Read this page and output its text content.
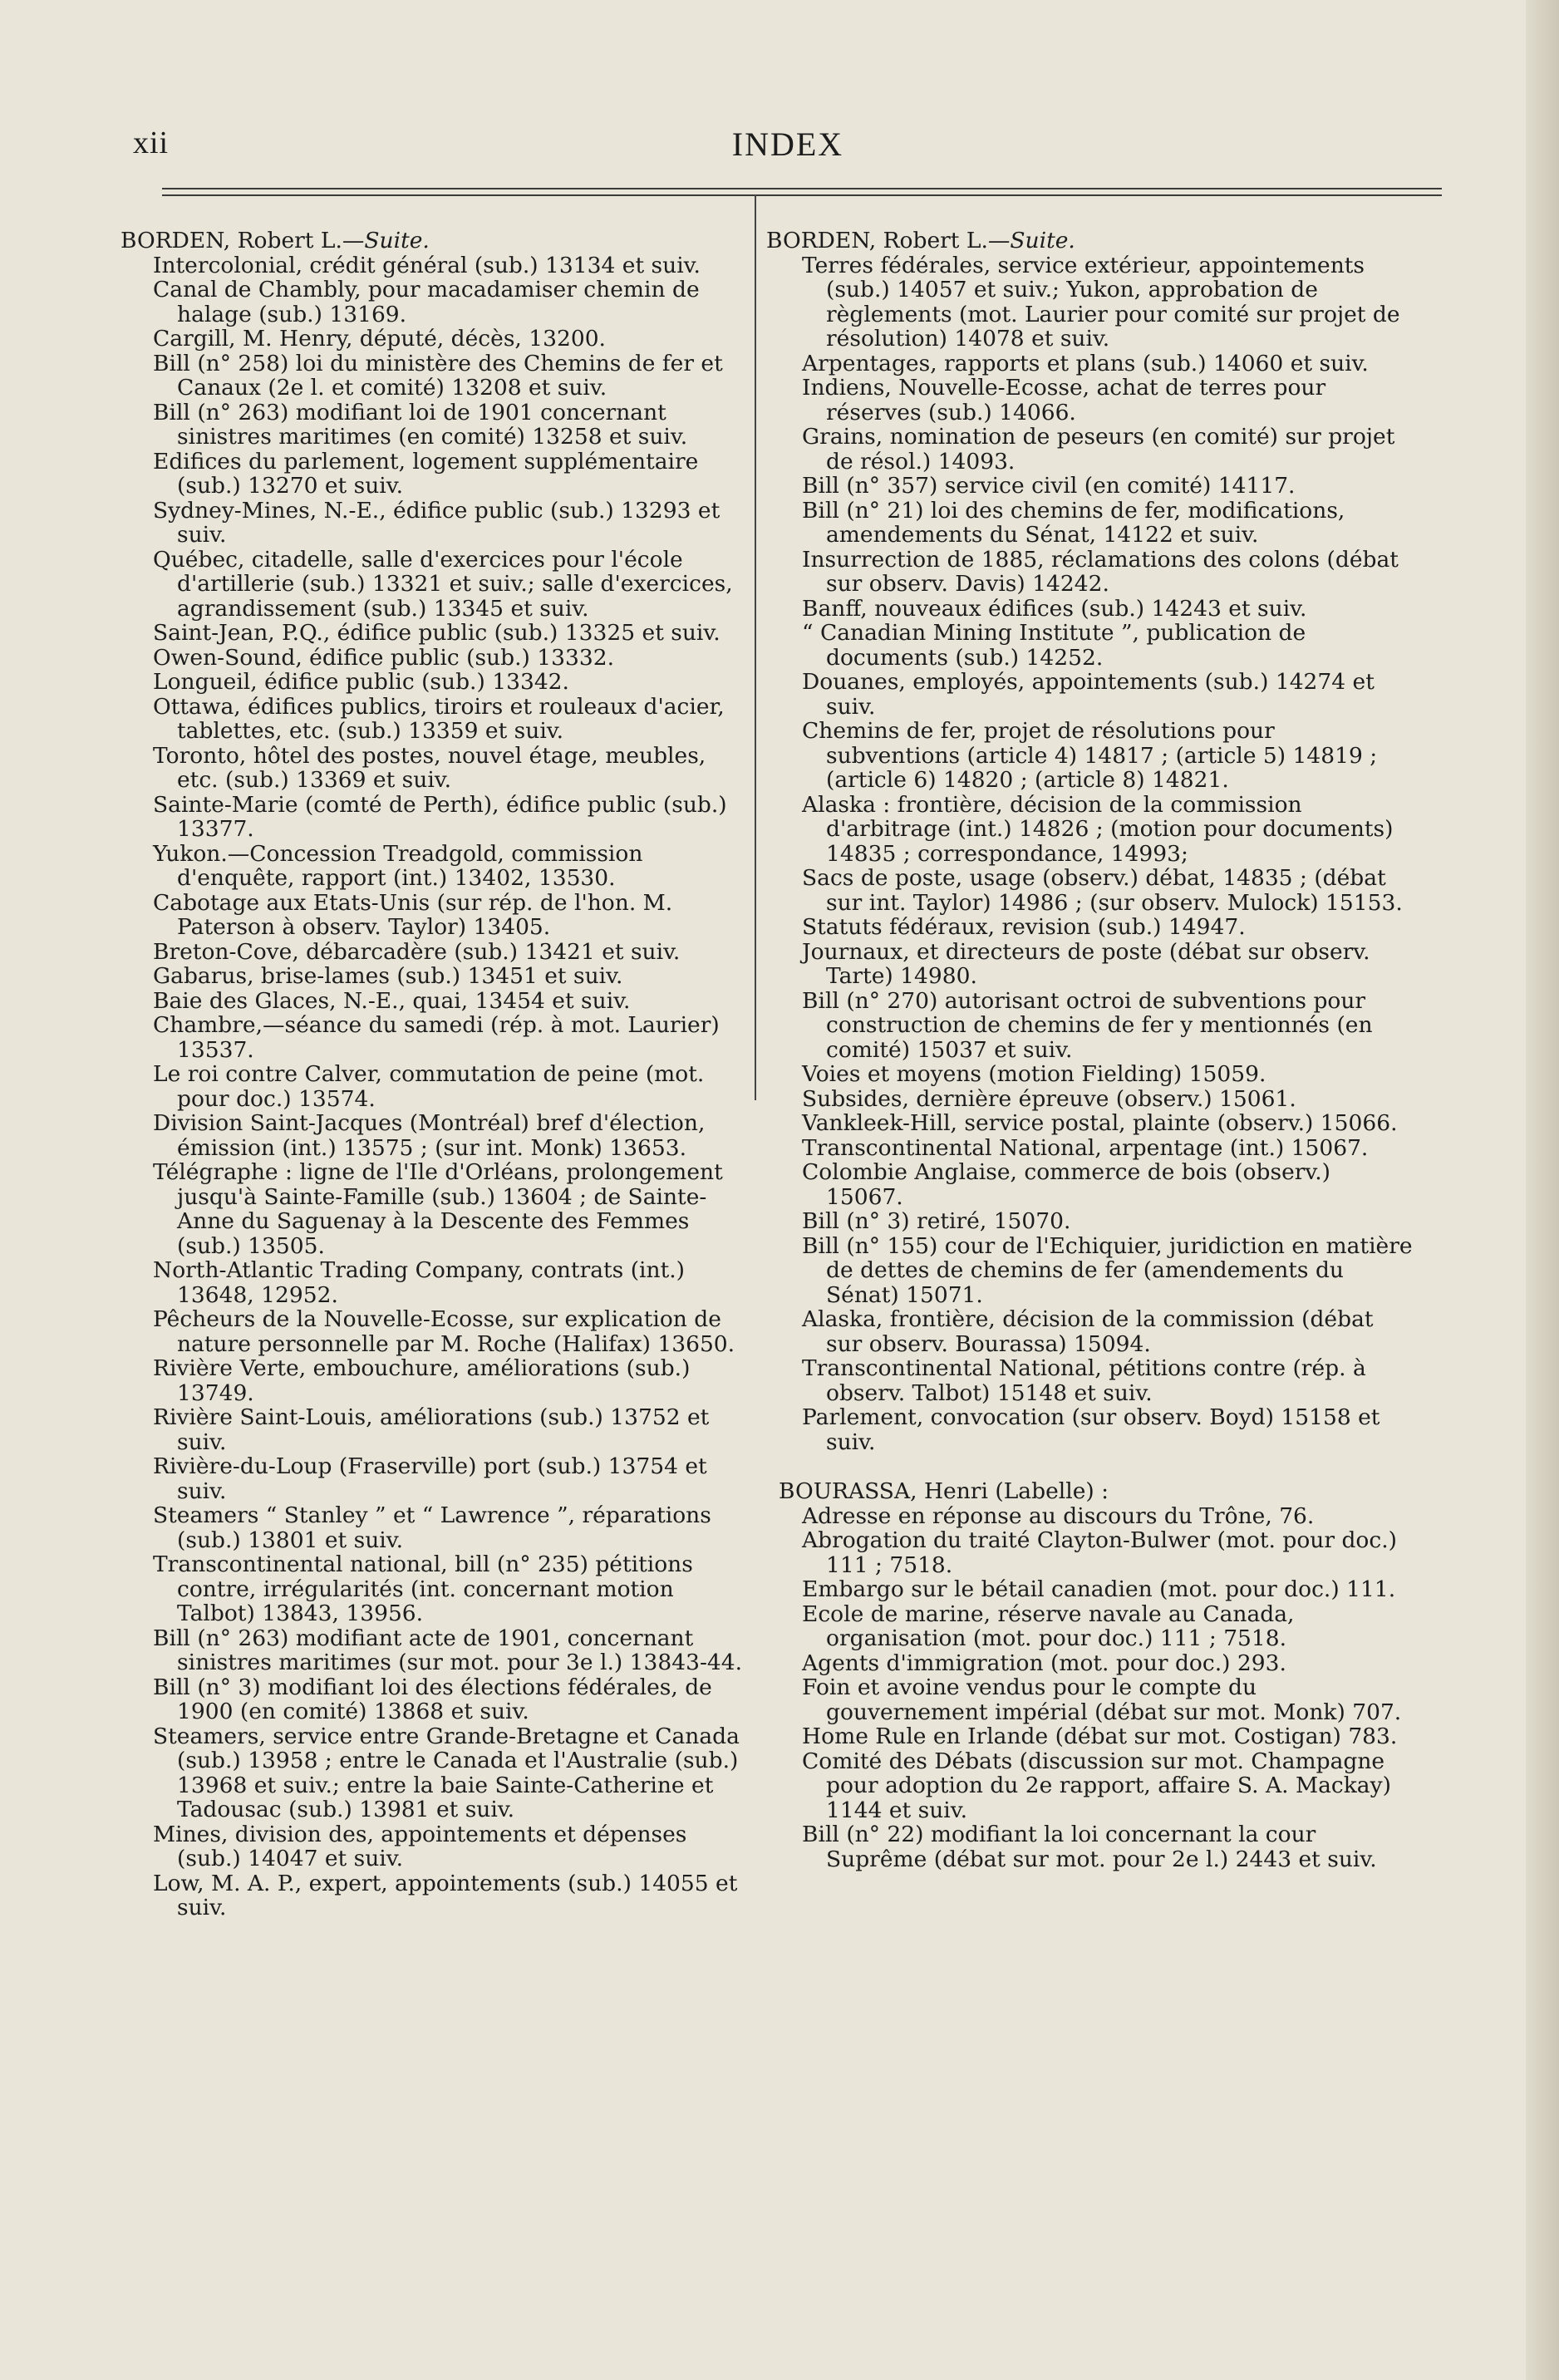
xii	INDEX
BORDEN, Robert L.—Suite.

Intercolonial, crédit général (sub.) 13134 et suiv.

Canal de Chambly, pour macadamiser chemin de halage (sub.) 13169.

Cargill, M. Henry, député, décès, 13200.

Bill (n° 258) loi du ministère des Chemins de fer et Canaux (2e l. et comité) 13208 et suiv.

Bill (n° 263) modifiant loi de 1901 concernant sinistres maritimes (en comité) 13258 et suiv.

Edifices du parlement, logement supplémentaire (sub.) 13270 et suiv.

Sydney-Mines, N.-E., édifice public (sub.) 13293 et suiv.

Québec, citadelle, salle d'exercices pour l'école d'artillerie (sub.) 13321 et suiv.; salle d'exercices, agrandissement (sub.) 13345 et suiv.

Saint-Jean, P.Q., édifice public (sub.) 13325 et suiv.

Owen-Sound, édifice public (sub.) 13332.

Longueil, édifice public (sub.) 13342.

Ottawa, édifices publics, tiroirs et rouleaux d'acier, tablettes, etc. (sub.) 13359 et suiv.

Toronto, hôtel des postes, nouvel étage, meubles, etc. (sub.) 13369 et suiv.

Sainte-Marie (comté de Perth), édifice public (sub.) 13377.

Yukon.—Concession Treadgold, commission d'enquête, rapport (int.) 13402, 13530.

Cabotage aux Etats-Unis (sur rép. de l'hon. M. Paterson à observ. Taylor) 13405.

Breton-Cove, débarcadère (sub.) 13421 et suiv.

Gabarus, brise-lames (sub.) 13451 et suiv.

Baie des Glaces, N.-E., quai, 13454 et suiv.

Chambre,—séance du samedi (rép. à mot. Laurier) 13537.

Le roi contre Calver, commutation de peine (mot. pour doc.) 13574.

Division Saint-Jacques (Montréal) bref d'élection, émission (int.) 13575 ; (sur int. Monk) 13653.

Télégraphe : ligne de l'Ile d'Orléans, prolongement jusqu'à Sainte-Famille (sub.) 13604 ; de Sainte-Anne du Saguenay à la Descente des Femmes (sub.) 13505.

North-Atlantic Trading Company, contrats (int.) 13648, 12952.

Pêcheurs de la Nouvelle-Ecosse, sur explication de nature personnelle par M. Roche (Halifax) 13650.

Rivière Verte, embouchure, améliorations (sub.) 13749.

Rivière Saint-Louis, améliorations (sub.) 13752 et suiv.

Rivière-du-Loup (Fraserville) port (sub.) 13754 et suiv.

Steamers “ Stanley ” et “ Lawrence ”, réparations (sub.) 13801 et suiv.

Transcontinental national, bill (n° 235) pétitions contre, irrégularités (int. concernant motion Talbot) 13843, 13956.

Bill (n° 263) modifiant acte de 1901, concernant sinistres maritimes (sur mot. pour 3e l.) 13843-44.

Bill (n° 3) modifiant loi des élections fédérales, de 1900 (en comité) 13868 et suiv.

Steamers, service entre Grande-Bretagne et Canada (sub.) 13958 ; entre le Canada et l'Australie (sub.) 13968 et suiv.; entre la baie Sainte-Catherine et Tadousac (sub.) 13981 et suiv.

Mines, division des, appointements et dépenses (sub.) 14047 et suiv.

Low, M. A. P., expert, appointements (sub.) 14055 et suiv.

BORDEN, Robert L.—Suite.

Terres fédérales, service extérieur, appointements (sub.) 14057 et suiv.; Yukon, approbation de règlements (mot. Laurier pour comité sur projet de résolution) 14078 et suiv.

Arpentages, rapports et plans (sub.) 14060 et suiv.

Indiens, Nouvelle-Ecosse, achat de terres pour réserves (sub.) 14066.

Grains, nomination de peseurs (en comité) sur projet de résol.) 14093.

Bill (n° 357) service civil (en comité) 14117.

Bill (n° 21) loi des chemins de fer, modifications, amendements du Sénat, 14122 et suiv.

Insurrection de 1885, réclamations des colons (débat sur observ. Davis) 14242.

Banff, nouveaux édifices (sub.) 14243 et suiv.

“ Canadian Mining Institute ”, publication de documents (sub.) 14252.

Douanes, employés, appointements (sub.) 14274 et suiv.

Chemins de fer, projet de résolutions pour subventions (article 4) 14817 ; (article 5) 14819 ; (article 6) 14820 ; (article 8) 14821.

Alaska : frontière, décision de la commission d'arbitrage (int.) 14826 ; (motion pour documents) 14835 ; correspondance, 14993;

Sacs de poste, usage (observ.) débat, 14835 ; (débat sur int. Taylor) 14986 ; (sur observ. Mulock) 15153.

Statuts fédéraux, revision (sub.) 14947.

Journaux, et directeurs de poste (débat sur observ. Tarte) 14980.

Bill (n° 270) autorisant octroi de subventions pour construction de chemins de fer y mentionnés (en comité) 15037 et suiv.

Voies et moyens (motion Fielding) 15059.

Subsides, dernière épreuve (observ.) 15061.

Vankleek-Hill, service postal, plainte (observ.) 15066.

Transcontinental National, arpentage (int.) 15067.

Colombie Anglaise, commerce de bois (observ.) 15067.

Bill (n° 3) retiré, 15070.

Bill (n° 155) cour de l'Echiquier, juridiction en matière de dettes de chemins de fer (amendements du Sénat) 15071.

Alaska, frontière, décision de la commission (débat sur observ. Bourassa) 15094.

Transcontinental National, pétitions contre (rép. à observ. Talbot) 15148 et suiv.

Parlement, convocation (sur observ. Boyd) 15158 et suiv.

BOURASSA, Henri (Labelle) :

Adresse en réponse au discours du Trône, 76.

Abrogation du traité Clayton-Bulwer (mot. pour doc.) 111 ; 7518.

Embargo sur le bétail canadien (mot. pour doc.) 111.

Ecole de marine, réserve navale au Canada, organisation (mot. pour doc.) 111 ; 7518.

Agents d'immigration (mot. pour doc.) 293.

Foin et avoine vendus pour le compte du gouvernement impérial (débat sur mot. Monk) 707.

Home Rule en Irlande (débat sur mot. Costigan) 783.

Comité des Débats (discussion sur mot. Champagne pour adoption du 2e rapport, affaire S. A. Mackay) 1144 et suiv.

Bill (n° 22) modifiant la loi concernant la cour Suprême (débat sur mot. pour 2e l.) 2443 et suiv.
